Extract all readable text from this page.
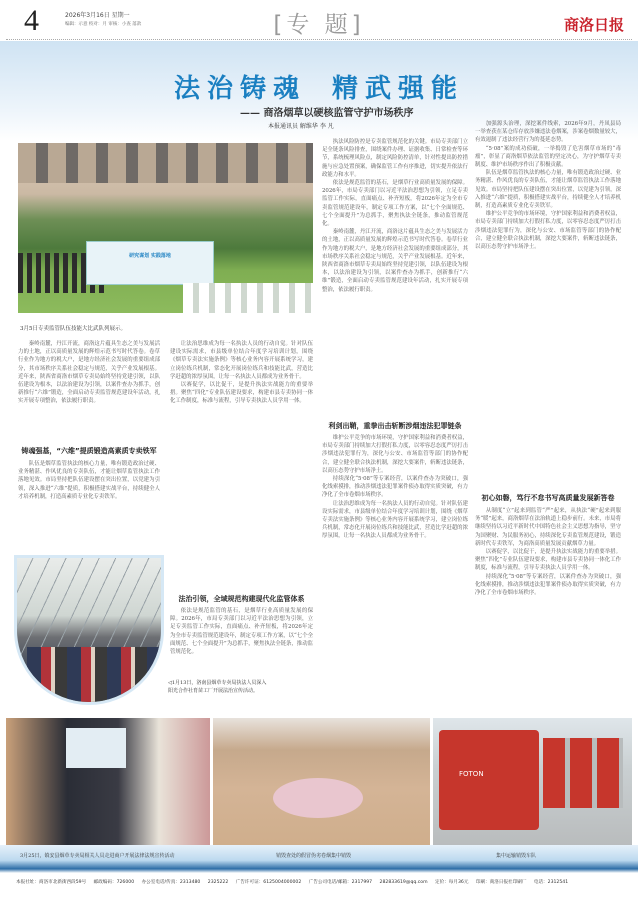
4	2026年3月16日 星期一
编辑：示意 校对：月 审核：小查 落款	[专 题]	商洛日报
法治铸魂 精武强能
—— 商洛烟草以硬核监管守护市场秩序
本报通讯员 解维华 李 凡
研究谋划 实践落地
3月5日专卖监管队伍技能大比武队列展示。

秦岭南麓，丹江开流，商洛这片蕴具生态之美与发展活力的土地，正以高质量发展的辉煌示范书写时代答卷。卷草行业作为地方的税大户，是地方经济社会发展的重要组成部分，其市场秩序关系社会稳定与规范，关乎产业发展根基。近年来，陕西省商洛市烟草专卖局始终坚持党建引领，以队伍建设为根本，以法治建设为引领，以案件查办为抓手，创新推行“六维”锻造，全面启动专卖监管规范建设年活动，扎实开展专项整治，依法履行职责。

铸魂强基，“六维”提质锻造高素质专卖铁军

队伍是烟草监管执法的核心力量，唯有锻造政治过硬、业务精湛、作风优良的专卖队伍，才能让烟草监管执法工作落地见效。市局坚持把队伍建设摆在突出位置，以党建为引领，深入推进“六维”提质，积极搭建实战平台，持续健全人才培养机制，打造高素质专业化专卖铁军。

让法治思维成为每一名执法人员的行动自觉。针对队伍建设实际需求，市县级单位结合年度学习培训计划，围绕《烟草专卖法实施条例》等核心业务内容开展系统学习，建立岗位练兵机制，常态化开展岗位练兵和技能比武，营造比学赶超的浓厚氛围，让每一名执法人员都成为业务骨干。

以赛促学，以比促干，是提升执法实战能力的重要举措。聚焦“四化”专业队伍建设要求，构建市县专卖协同一体化工作制度，标准与流程，引导专卖执法人员学用一体。

法治引领，全域规范构建现代化监管体系

依法是规范监管的基石，是烟草行业高质量发展的保障。2026年，市局专卖部门以习近平法治思想为引领，立足专卖监管工作实际，直面痛点、补齐短板，将2026年定为全市专卖监管规范建设年，制定专项工作方案，以“七个全面规范、七个全面提升”为总抓手，聚焦执法全链条，推动监管规范化。

◁1月13日，洛南县烟草专卖局执法人员深入阳光合作社育苗工厂开展法治宣传活动。

执法风险防控是专卖监管规范化的关键。市局专卖部门立足全链条风险排查，围绕案件办理、证据收集、日常检查等环节，系统梳理风险点，制定风险防控清单，针对性提出防控措施与应急处置预案，确保监管工作有序推进，切实提升依法行政能力和水平。

依法是规范监管的基石，是烟草行业高质量发展的保障。2026年，市局专卖部门以习近平法治思想为引领，立足专卖监管工作实际，直面痛点、补齐短板，将2026年定为全市专卖监管规范建设年，制定专项工作方案，以“七个全面规范、七个全面提升”为总抓手，聚焦执法全链条，推动监管规范化。

秦岭南麓，丹江开流，商洛这片蕴具生态之美与发展活力的土地，正以高质量发展的辉煌示范书写时代答卷。卷草行业作为地方的税大户，是地方经济社会发展的重要组成部分，其市场秩序关系社会稳定与规范，关乎产业发展根基。近年来，陕西省商洛市烟草专卖局始终坚持党建引领，以队伍建设为根本，以法治建设为引领，以案件查办为抓手，创新推行“六维”锻造，全面启动专卖监管规范建设年活动，扎实开展专项整治，依法履行职责。

利剑出鞘，重拳出击斩断涉烟违法犯罪链条

维护公平竞争的市场环境，守护国家利益和消费者权益，市局专卖部门持续加大打假打私力度，以零容忍态度严厉打击涉烟违法犯罪行为，深化与公安、市场监管等部门的协作配合，建立健全联合执法机制，深挖大要案件，斩断违法链条，以高压态势守护市场净土。

持续深化“5·08”等专案经营，以案件查办为突破口，强化线索摸排，推动涉烟违法犯罪案件侦办取得实质突破，有力净化了全市卷烟市场秩序。

让法治思维成为每一名执法人员的行动自觉。针对队伍建设实际需求，市县级单位结合年度学习培训计划，围绕《烟草专卖法实施条例》等核心业务内容开展系统学习，建立岗位练兵机制，常态化开展岗位练兵和技能比武，营造比学赶超的浓厚氛围，让每一名执法人员都成为业务骨干。

加强源头治理，深挖案件线索，2026年9月，丹凤县局一举查获在某仓库存放涉嫌违法卷烟案，涉案卷烟数量较大，有效遏制了违法经营行为的蔓延态势。

“5·08”案的成功侦破，一举捣毁了危害烟草市场的“毒瘤”，彰显了商洛烟草依法监管的坚定决心，为守护烟草专卖制度、维护市场秩序作出了积极贡献。

队伍是烟草监管执法的核心力量，唯有锻造政治过硬、业务精湛、作风优良的专卖队伍，才能让烟草监管执法工作落地见效。市局坚持把队伍建设摆在突出位置，以党建为引领，深入推进“六维”提质，积极搭建实战平台，持续健全人才培养机制，打造高素质专业化专卖铁军。

维护公平竞争的市场环境，守护国家利益和消费者权益，市局专卖部门持续加大打假打私力度，以零容忍态度严厉打击涉烟违法犯罪行为，深化与公安、市场监管等部门的协作配合，建立健全联合执法机制，深挖大要案件，斩断违法链条，以高压态势守护市场净土。

初心如磐，笃行不怠书写高质量发展新答卷

从制度“立”起来到监管“严”起来，从执法“硬”起来到服务“暖”起来，商洛烟草在法治轨道上稳步前行。未来，市局将继续坚持以习近平新时代中国特色社会主义思想为指导，坚守为国聚财、为民服务初心，持续深化专卖监管规范建设，锻造新时代专卖铁军，为商洛高质量发展贡献烟草力量。

以赛促学，以比促干，是提升执法实战能力的重要举措。聚焦“四化”专业队伍建设要求，构建市县专卖协同一体化工作制度，标准与流程，引导专卖执法人员学用一体。

持续深化“5·08”等专案经营，以案件查办为突破口，强化线索摸排，推动涉烟违法犯罪案件侦办取得实质突破，有力净化了全市卷烟市场秩序。

FOTON
3月25日，镇安县烟草专卖局相关人员走进商户开展法律法规宣传活动	销毁查处的假冒伪劣卷烟集中销毁	集中运输销毁车队
本报社址：商洛市北新街西段59号 邮政编码：726000 办公室电话/传真：2313480 2325222 广告许可证：6125004000002 广告公司电话/邮箱：2317997 282833619@qq.com 定价：每月36元 印刷：商洛日报社印刷厂 电话：2312541
